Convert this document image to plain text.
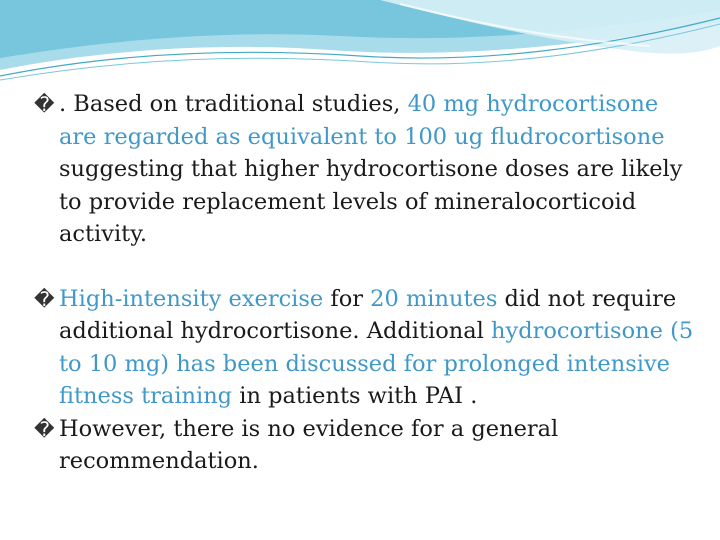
� . Based on traditional studies, 40 mg hydrocortisone are regarded as equivalent to 100 ug fludrocortisone suggesting that higher hydrocortisone doses are likely to provide replacement levels of mineralocorticoid activity.
� High-intensity exercise for 20 minutes did not require additional hydrocortisone. Additional hydrocortisone (5 to 10 mg) has been discussed for prolonged intensive fitness training in patients with PAI .
� However, there is no evidence for a general recommendation.
